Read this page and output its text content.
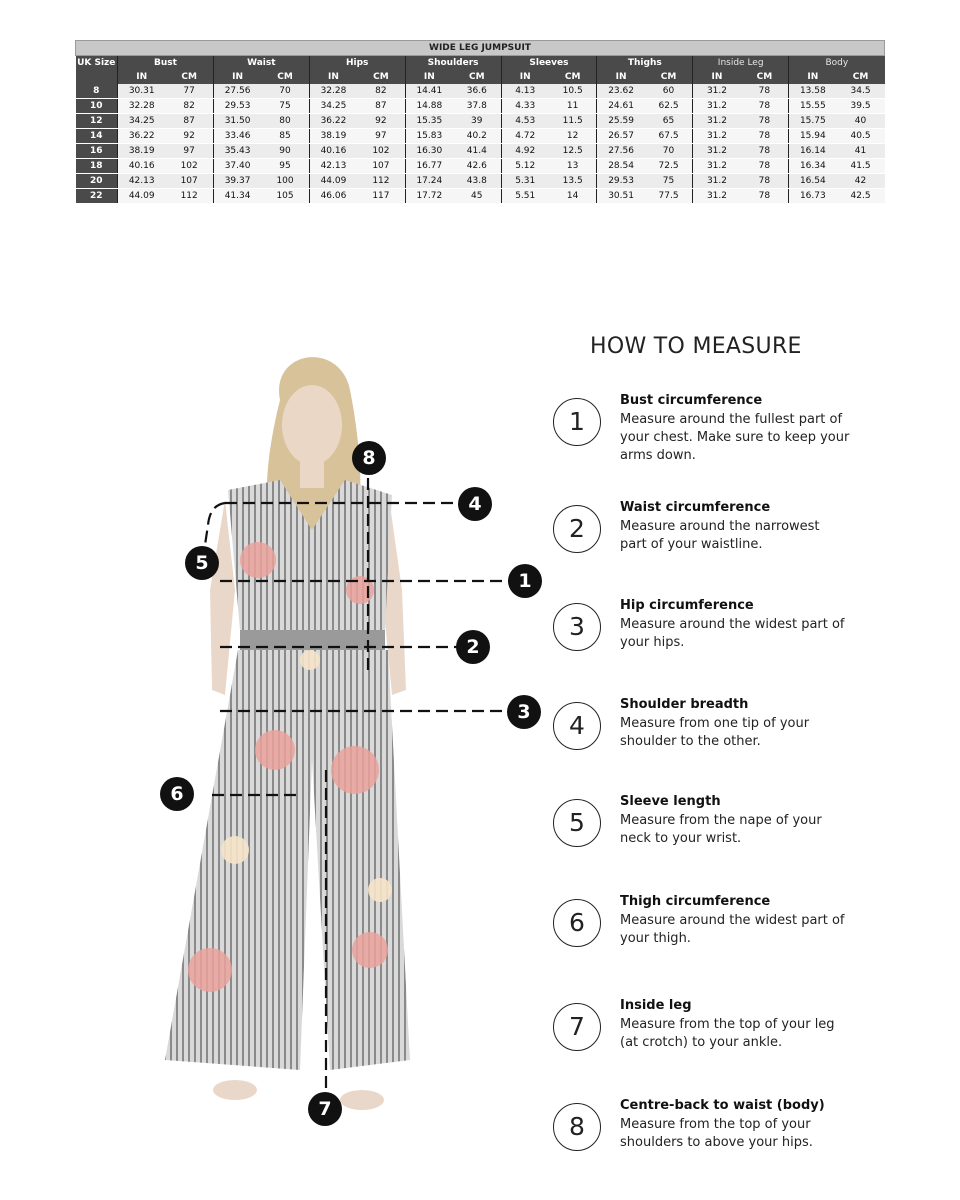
WIDE LEG JUMPSUIT																
UK Size	Bust		Waist		Hips		Shoulders		Sleeves		Thighs		Inside Leg		Body	
	IN	CM	IN	CM	IN	CM	IN	CM	IN	CM	IN	CM	IN	CM	IN	CM
8	30.31	77	27.56	70	32.28	82	14.41	36.6	4.13	10.5	23.62	60	31.2	78	13.58	34.5
10	32.28	82	29.53	75	34.25	87	14.88	37.8	4.33	11	24.61	62.5	31.2	78	15.55	39.5
12	34.25	87	31.50	80	36.22	92	15.35	39	4.53	11.5	25.59	65	31.2	78	15.75	40
14	36.22	92	33.46	85	38.19	97	15.83	40.2	4.72	12	26.57	67.5	31.2	78	15.94	40.5
16	38.19	97	35.43	90	40.16	102	16.30	41.4	4.92	12.5	27.56	70	31.2	78	16.14	41
18	40.16	102	37.40	95	42.13	107	16.77	42.6	5.12	13	28.54	72.5	31.2	78	16.34	41.5
20	42.13	107	39.37	100	44.09	112	17.24	43.8	5.31	13.5	29.53	75	31.2	78	16.54	42
22	44.09	112	41.34	105	46.06	117	17.72	45	5.51	14	30.51	77.5	31.2	78	16.73	42.5
8
4
5
1
2
3
6
7
HOW TO MEASURE
1
Bust circumference
Measure around the fullest part of your chest. Make sure to keep your arms down.
2
Waist circumference
Measure around the narrowest part of your waistline.
3
Hip circumference
Measure around the widest part of your hips.
4
Shoulder breadth
Measure from one tip of your shoulder to the other.
5
Sleeve length
Measure from the nape of your neck to your wrist.
6
Thigh circumference
Measure around the widest part of your thigh.
7
Inside leg
Measure from the top of your leg (at crotch) to your ankle.
8
Centre-back to waist (body)
Measure from the top of your shoulders to above your hips.
